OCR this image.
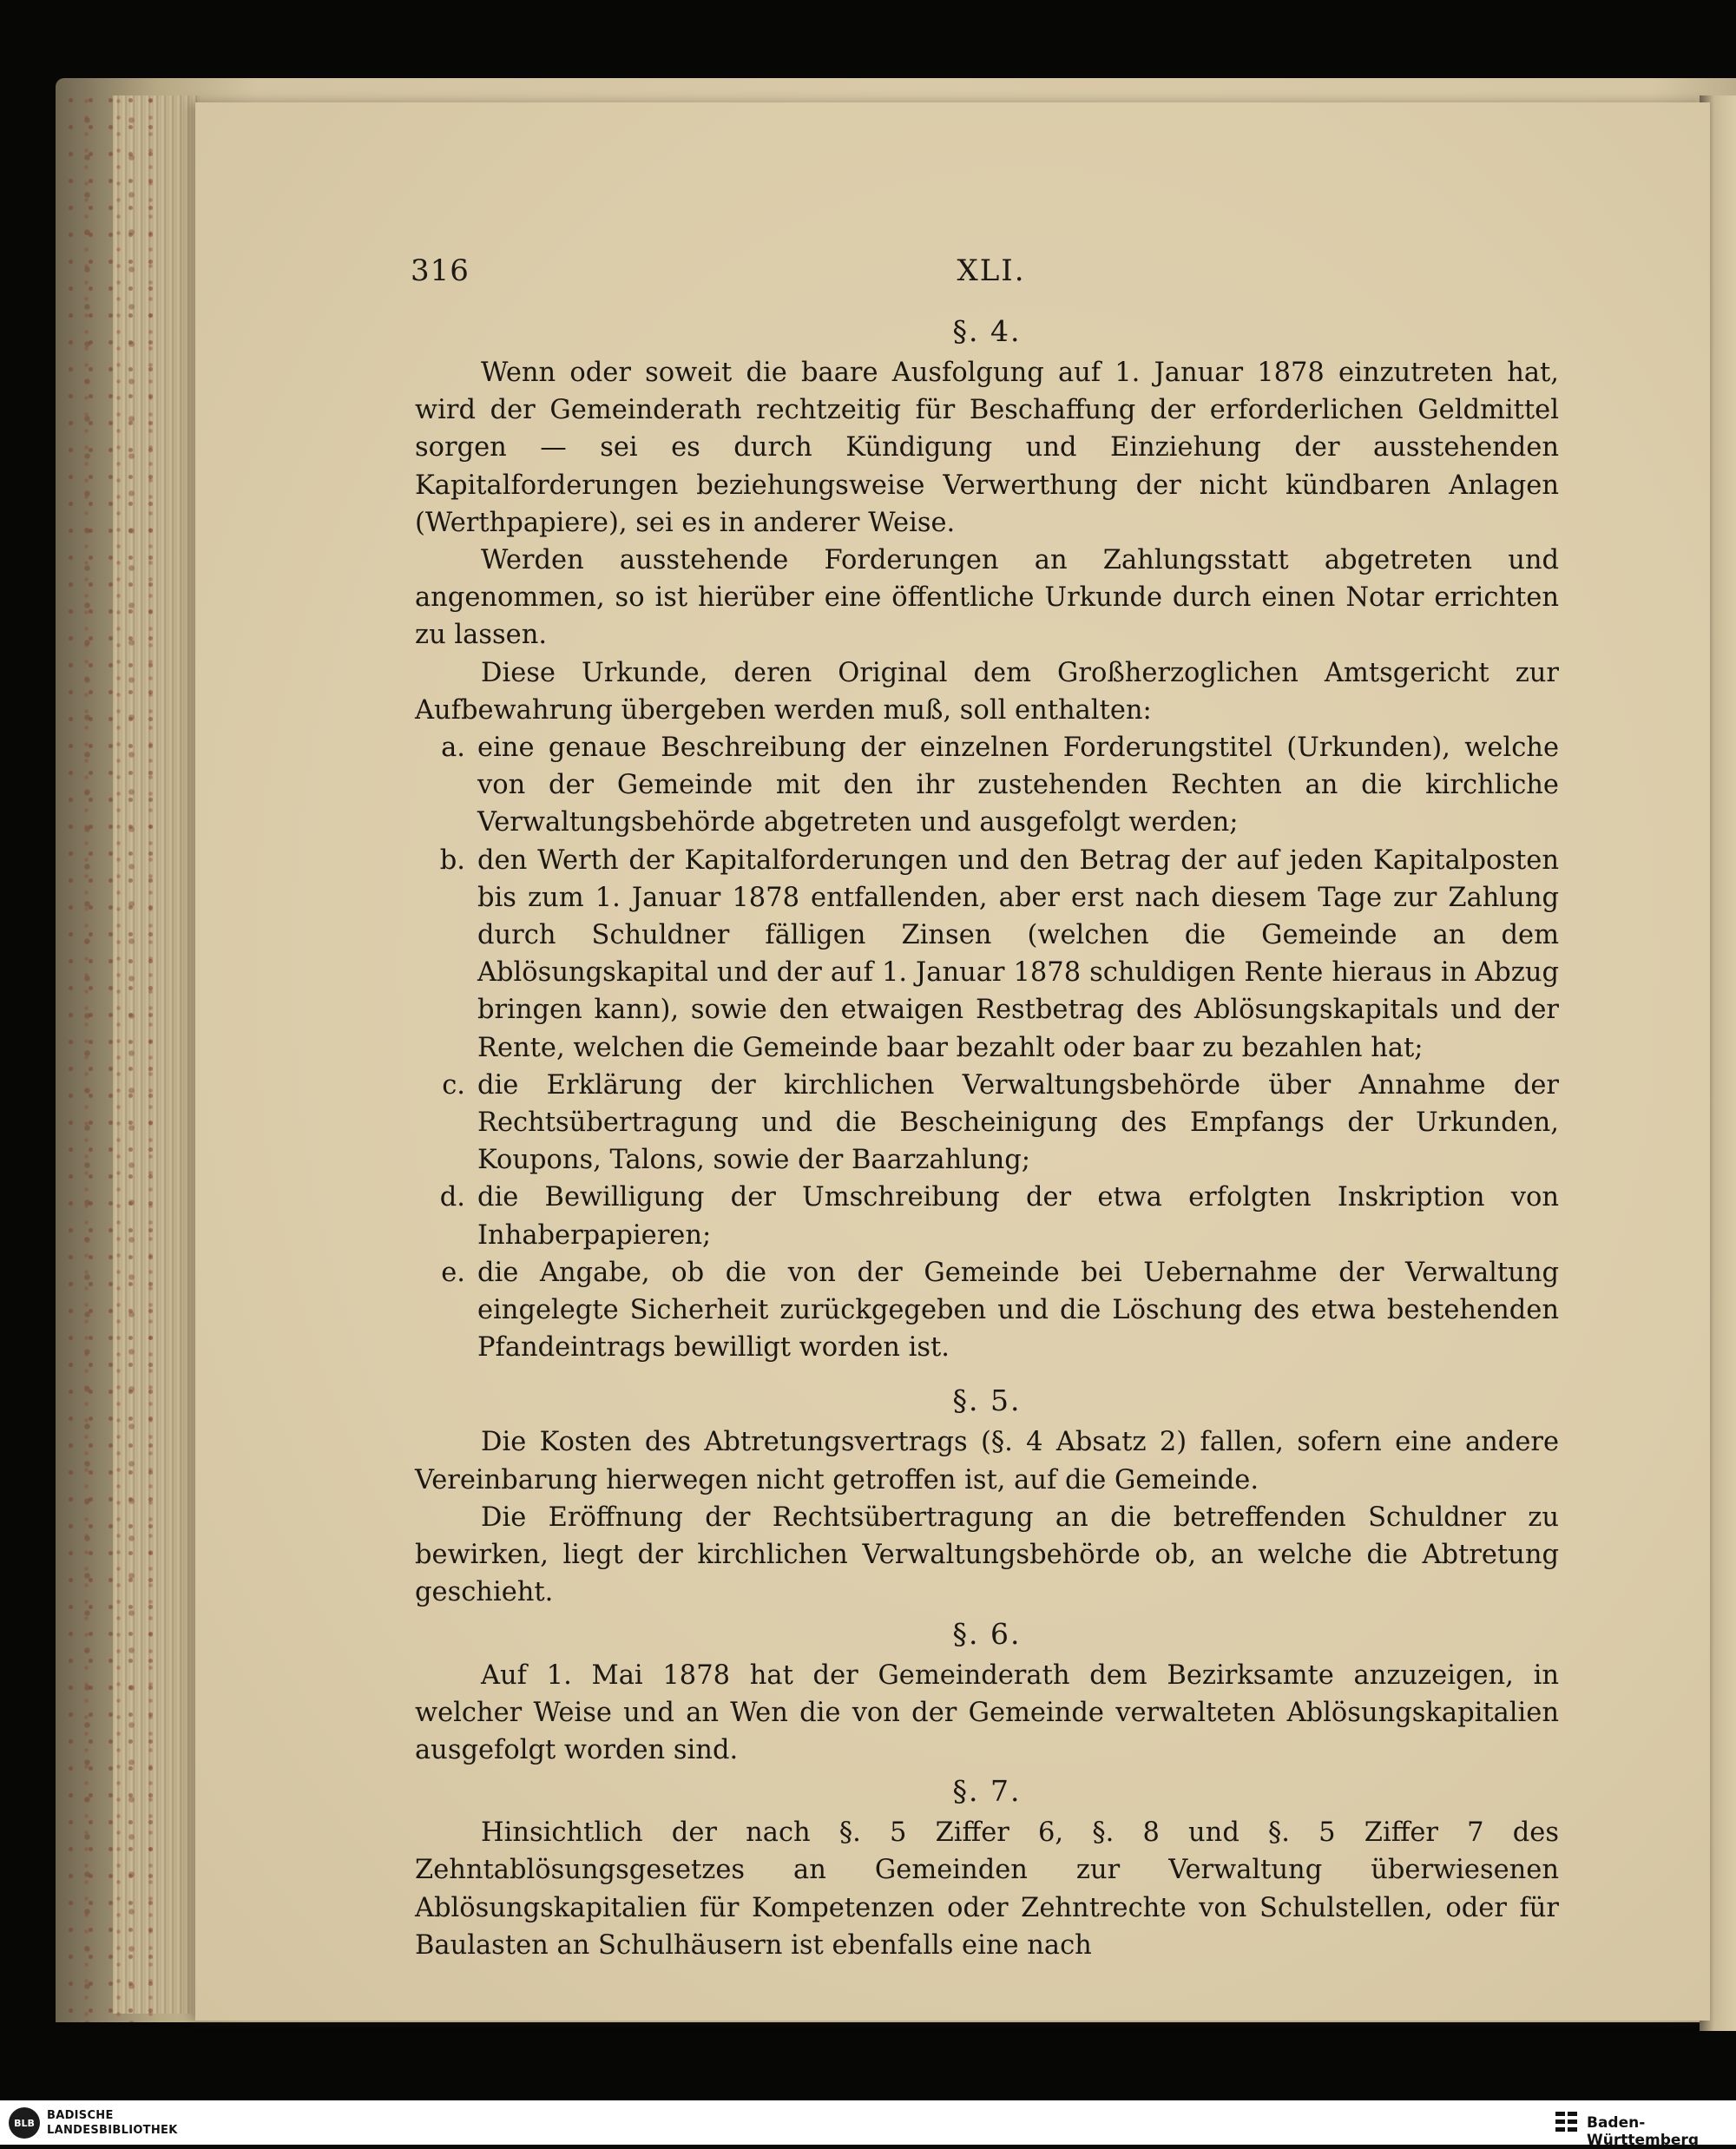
316	XLI.

§. 4.

Wenn oder soweit die baare Ausfolgung auf 1. Januar 1878 einzutreten hat, wird der Gemeinderath rechtzeitig für Beschaffung der erforderlichen Geldmittel sorgen — sei es durch Kündigung und Einziehung der ausstehenden Kapitalforderungen beziehungsweise Verwerthung der nicht kündbaren Anlagen (Werthpapiere), sei es in anderer Weise.

Werden ausstehende Forderungen an Zahlungsstatt abgetreten und angenommen, so ist hierüber eine öffentliche Urkunde durch einen Notar errichten zu lassen.

Diese Urkunde, deren Original dem Großherzoglichen Amtsgericht zur Aufbewahrung übergeben werden muß, soll enthalten:

a. eine genaue Beschreibung der einzelnen Forderungstitel (Urkunden), welche von der Gemeinde mit den ihr zustehenden Rechten an die kirchliche Verwaltungsbehörde abgetreten und ausgefolgt werden;
b. den Werth der Kapitalforderungen und den Betrag der auf jeden Kapitalposten bis zum 1. Januar 1878 entfallenden, aber erst nach diesem Tage zur Zahlung durch Schuldner fälligen Zinsen (welchen die Gemeinde an dem Ablösungskapital und der auf 1. Januar 1878 schuldigen Rente hieraus in Abzug bringen kann), sowie den etwaigen Restbetrag des Ablösungskapitals und der Rente, welchen die Gemeinde baar bezahlt oder baar zu bezahlen hat;
c. die Erklärung der kirchlichen Verwaltungsbehörde über Annahme der Rechtsübertragung und die Bescheinigung des Empfangs der Urkunden, Koupons, Talons, sowie der Baarzahlung;
d. die Bewilligung der Umschreibung der etwa erfolgten Inskription von Inhaberpapieren;
e. die Angabe, ob die von der Gemeinde bei Uebernahme der Verwaltung eingelegte Sicherheit zurückgegeben und die Löschung des etwa bestehenden Pfandeintrags bewilligt worden ist.

§. 5.

Die Kosten des Abtretungsvertrags (§. 4 Absatz 2) fallen, sofern eine andere Vereinbarung hierwegen nicht getroffen ist, auf die Gemeinde.

Die Eröffnung der Rechtsübertragung an die betreffenden Schuldner zu bewirken, liegt der kirchlichen Verwaltungsbehörde ob, an welche die Abtretung geschieht.

§. 6.

Auf 1. Mai 1878 hat der Gemeinderath dem Bezirksamte anzuzeigen, in welcher Weise und an Wen die von der Gemeinde verwalteten Ablösungskapitalien ausgefolgt worden sind.

§. 7.

Hinsichtlich der nach §. 5 Ziffer 6, §. 8 und §. 5 Ziffer 7 des Zehntablösungsgesetzes an Gemeinden zur Verwaltung überwiesenen Ablösungskapitalien für Kompetenzen oder Zehntrechte von Schulstellen, oder für Baulasten an Schulhäusern ist ebenfalls eine nach

BLB
BADISCHE
LANDESBIBLIOTHEK	Baden-Württemberg
